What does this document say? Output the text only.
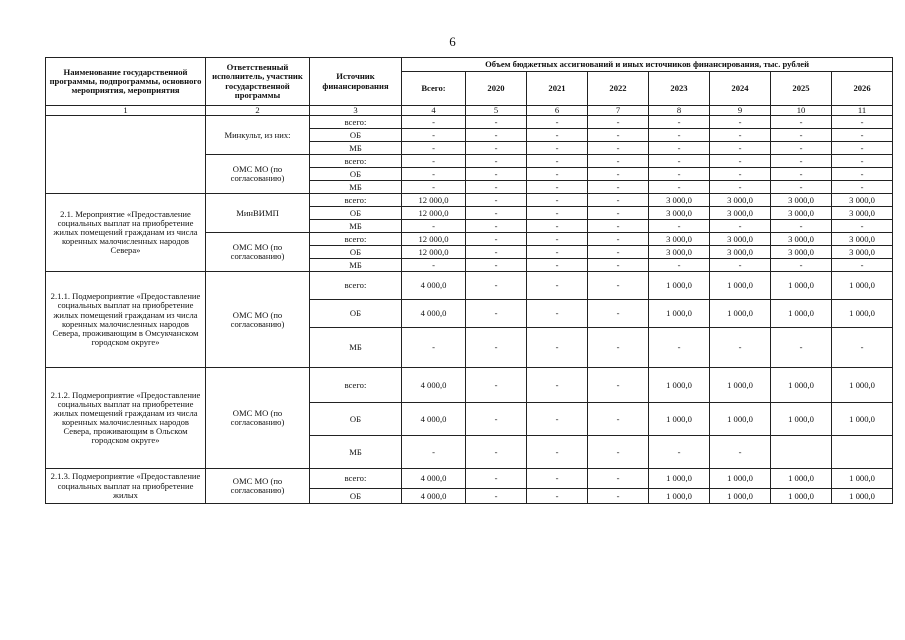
6
Наименование государственной программы, подпрограммы, основного мероприятия, мероприятия	Ответственный исполнитель, участник государственной программы	Источник финансирования	Объем бюджетных ассигнований и иных источников финансирования, тыс. рублей							
			Всего:	2020	2021	2022	2023	2024	2025	2026
1	2	3	4	5	6	7	8	9	10	11
	Минкульт, из них:	всего:	-	-	-	-	-	-	-	-
		ОБ	-	-	-	-	-	-	-	-
		МБ	-	-	-	-	-	-	-	-
	ОМС МО (по согласованию)	всего:	-	-	-	-	-	-	-	-
		ОБ	-	-	-	-	-	-	-	-
		МБ	-	-	-	-	-	-	-	-
2.1. Мероприятие «Предоставление социальных выплат на приобретение жилых помещений гражданам из числа коренных малочисленных народов Севера»	МинВИМП	всего:	12 000,0	-	-	-	3 000,0	3 000,0	3 000,0	3 000,0
		ОБ	12 000,0	-	-	-	3 000,0	3 000,0	3 000,0	3 000,0
		МБ	-	-	-	-	-	-	-	-
	ОМС МО (по согласованию)	всего:	12 000,0	-	-	-	3 000,0	3 000,0	3 000,0	3 000,0
		ОБ	12 000,0	-	-	-	3 000,0	3 000,0	3 000,0	3 000,0
		МБ	-	-	-	-	-	-	-	-
2.1.1. Подмероприятие «Предоставление социальных выплат на приобретение жилых помещений гражданам из числа коренных малочисленных народов Севера, проживающим в Омсукчанском городском округе»	ОМС МО (по согласованию)	всего:	4 000,0	-	-	-	1 000,0	1 000,0	1 000,0	1 000,0
		ОБ	4 000,0	-	-	-	1 000,0	1 000,0	1 000,0	1 000,0
		МБ	-	-	-	-	-	-	-	-
2.1.2. Подмероприятие «Предоставление социальных выплат на приобретение жилых помещений гражданам из числа коренных малочисленных народов Севера, проживающим в Ольском городском округе»	ОМС МО (по согласованию)	всего:	4 000,0	-	-	-	1 000,0	1 000,0	1 000,0	1 000,0
		ОБ	4 000,0	-	-	-	1 000,0	1 000,0	1 000,0	1 000,0
		МБ	-	-	-	-	-	-		
2.1.3. Подмероприятие «Предоставление социальных выплат на приобретение жилых	ОМС МО (по согласованию)	всего:	4 000,0	-	-	-	1 000,0	1 000,0	1 000,0	1 000,0
		ОБ	4 000,0	-	-	-	1 000,0	1 000,0	1 000,0	1 000,0
